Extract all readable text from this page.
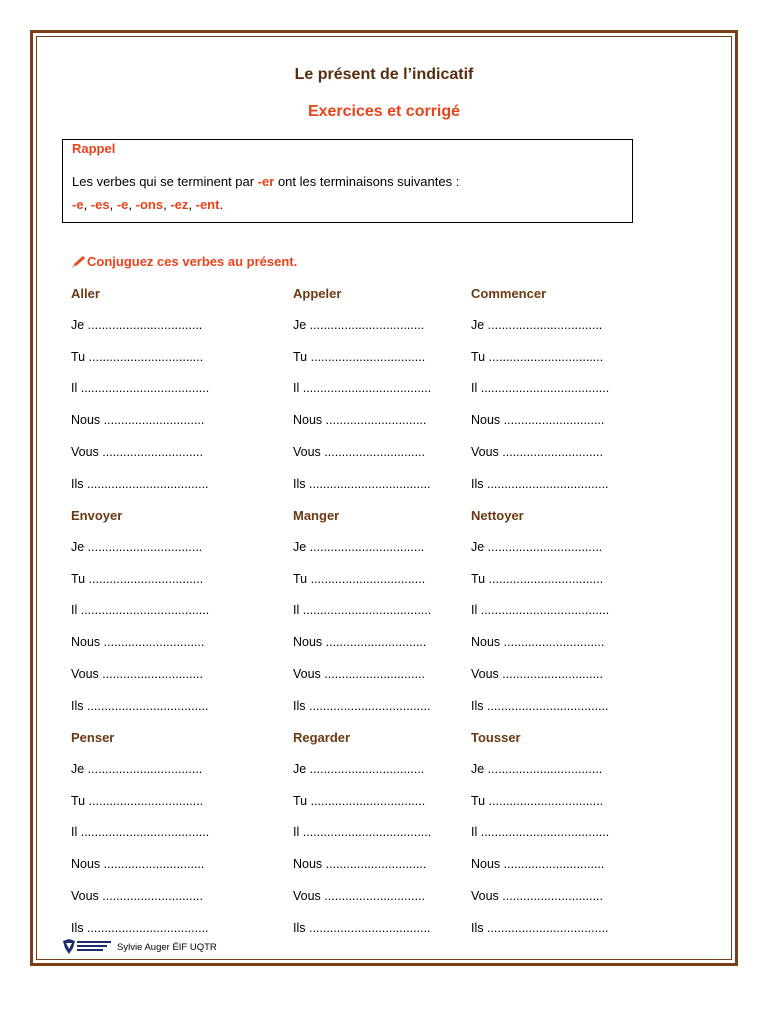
Le présent de l’indicatif
Exercices et corrigé
Rappel
Les verbes qui se terminent par -er ont les terminaisons suivantes :
-e, -es, -e, -ons, -ez, -ent.
Conjuguez ces verbes au présent.
Aller
Je .................................
Tu .................................
Il .....................................
Nous .............................
Vous .............................
Ils ...................................
Appeler
Je .................................
Tu .................................
Il .....................................
Nous .............................
Vous .............................
Ils ...................................
Commencer
Je .................................
Tu .................................
Il .....................................
Nous .............................
Vous .............................
Ils ...................................
Envoyer
Je .................................
Tu .................................
Il .....................................
Nous .............................
Vous .............................
Ils ...................................
Manger
Je .................................
Tu .................................
Il .....................................
Nous .............................
Vous .............................
Ils ...................................
Nettoyer
Je .................................
Tu .................................
Il .....................................
Nous .............................
Vous .............................
Ils ...................................
Penser
Je .................................
Tu .................................
Il .....................................
Nous .............................
Vous .............................
Ils ...................................
Regarder
Je .................................
Tu .................................
Il .....................................
Nous .............................
Vous .............................
Ils ...................................
Tousser
Je .................................
Tu .................................
Il .....................................
Nous .............................
Vous .............................
Ils ...................................
Sylvie Auger ÉIF UQTR
